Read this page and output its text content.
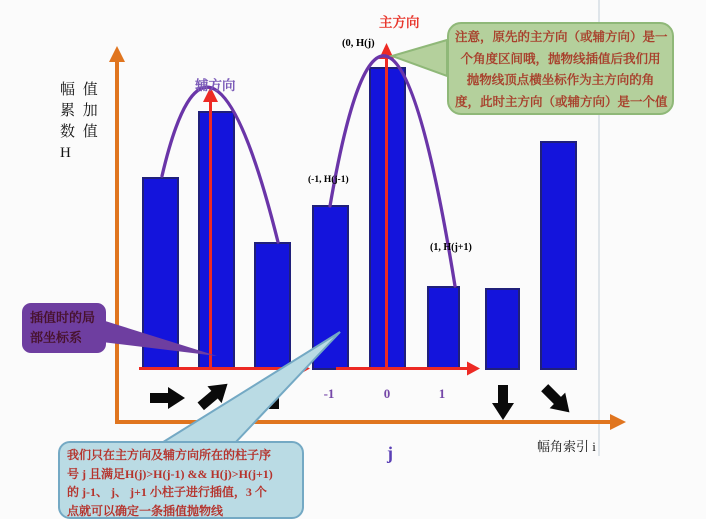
幅 值
累 加
数 值
H
辅方向
主方向
(0, H(j)
(-1, H(j-1)
(1, H(j+1)
-1	0	1
j	幅角索引 i
注意，原先的主方向（或辅方向）是一
个角度区间哦，抛物线插值后我们用
抛物线顶点横坐标作为主方向的角
度，此时主方向（或辅方向）是一个值
插值时的局
部坐标系
我们只在主方向及辅方向所在的柱子序
号 j 且满足H(j)>H(j-1) && H(j)>H(j+1)
的 j-1、 j、 j+1 小柱子进行插值，3 个
点就可以确定一条插值抛物线
